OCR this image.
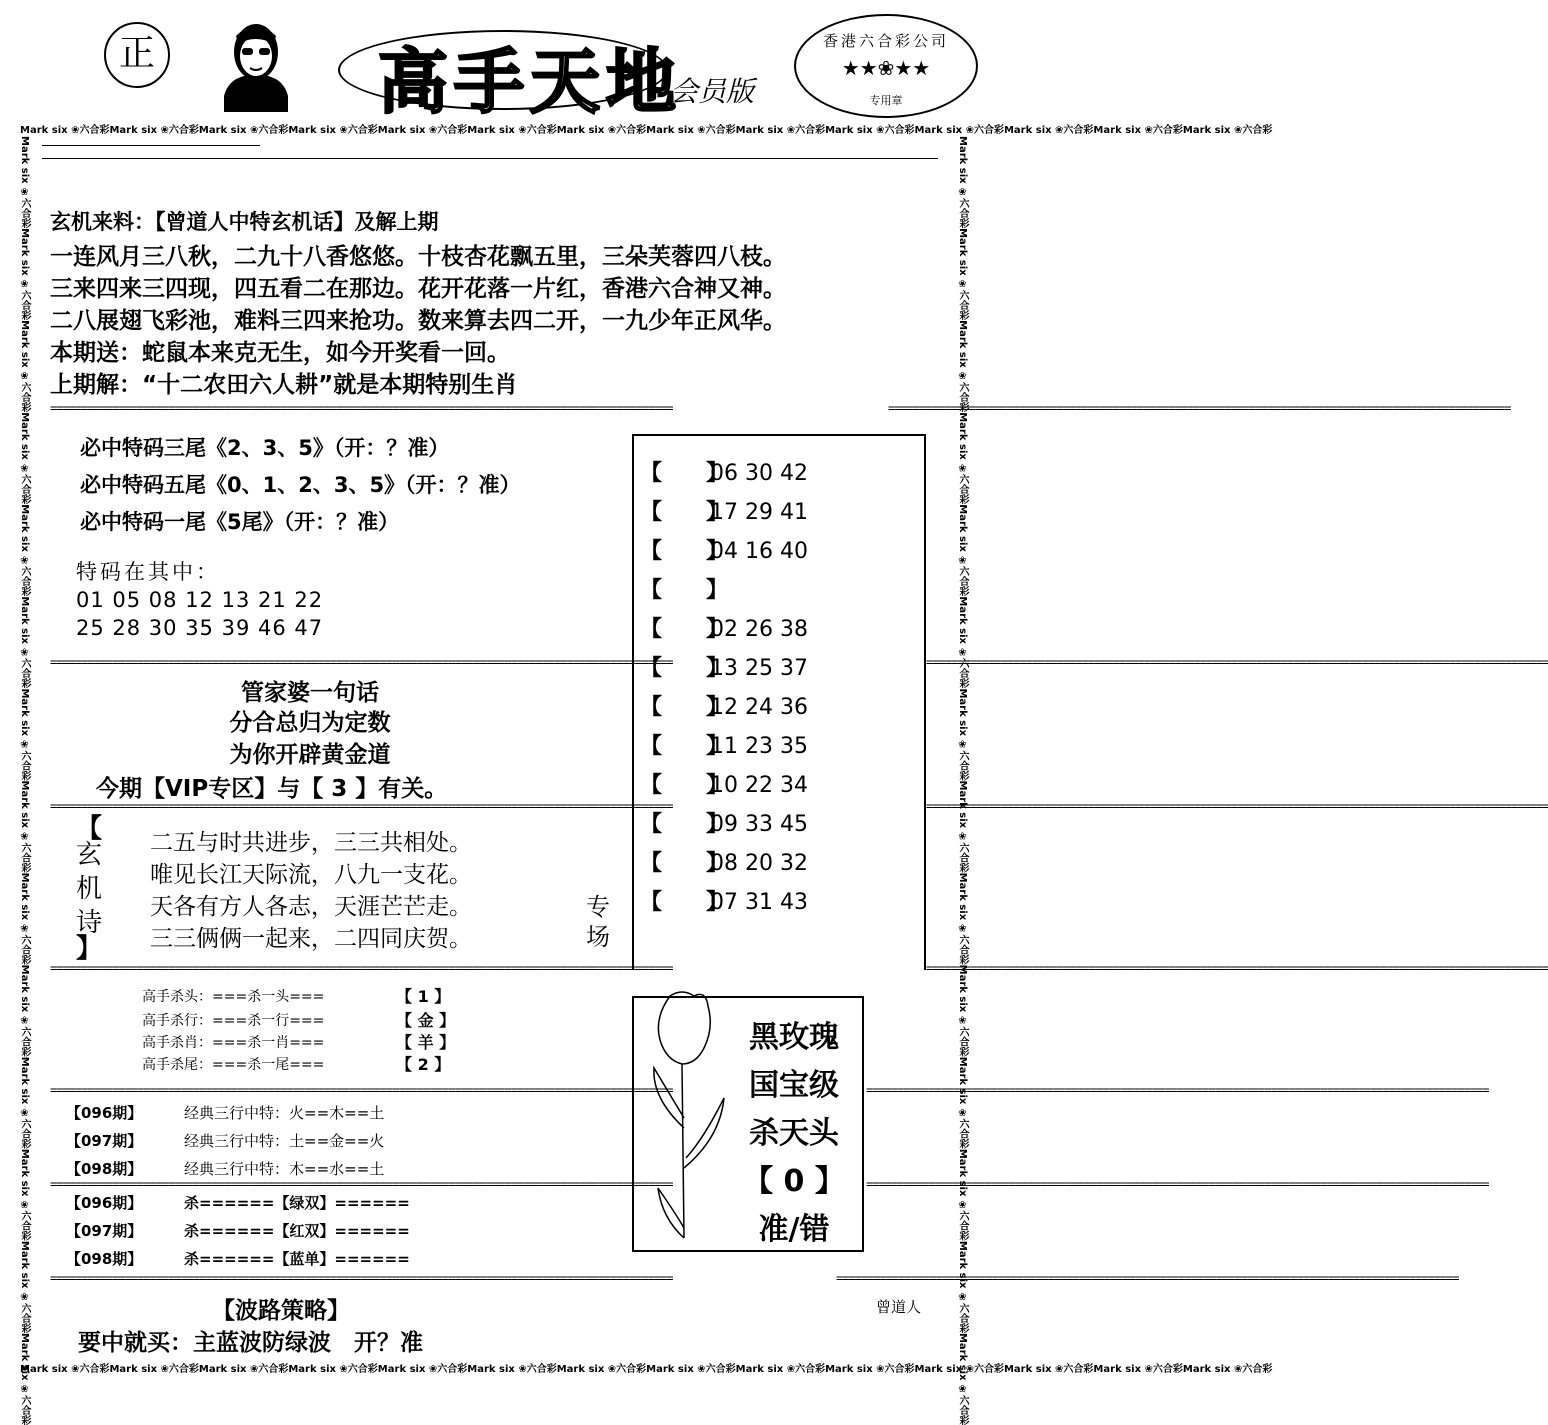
正	高手天地
会员版
香港六合彩公司
★★❀★★
专用章
Mark six ❀六合彩Mark six ❀六合彩Mark six ❀六合彩Mark six ❀六合彩Mark six ❀六合彩Mark six ❀六合彩Mark six ❀六合彩Mark six ❀六合彩Mark six ❀六合彩Mark six ❀六合彩Mark six ❀六合彩Mark six ❀六合彩Mark six ❀六合彩Mark six ❀六合彩
Mark six ❀六合彩Mark six ❀六合彩Mark six ❀六合彩Mark six ❀六合彩Mark six ❀六合彩Mark six ❀六合彩Mark six ❀六合彩Mark six ❀六合彩Mark six ❀六合彩Mark six ❀六合彩Mark six ❀六合彩Mark six ❀六合彩Mark six ❀六合彩Mark six ❀六合彩
Mark six ❀六合彩Mark six ❀六合彩Mark six ❀六合彩Mark six ❀六合彩Mark six ❀六合彩Mark six ❀六合彩Mark six ❀六合彩Mark six ❀六合彩Mark six ❀六合彩Mark six ❀六合彩Mark six ❀六合彩Mark six ❀六合彩Mark six ❀六合彩Mark six ❀六合彩	Mark six ❀六合彩Mark six ❀六合彩Mark six ❀六合彩Mark six ❀六合彩Mark six ❀六合彩Mark six ❀六合彩Mark six ❀六合彩Mark six ❀六合彩Mark six ❀六合彩Mark six ❀六合彩Mark six ❀六合彩Mark six ❀六合彩Mark six ❀六合彩Mark six ❀六合彩
玄机来料：【曾道人中特玄机话】及解上期
一连风月三八秋，二九十八香悠悠。十枝杏花飘五里，三朵芙蓉四八枝。
三来四来三四现，四五看二在那边。花开花落一片红，香港六合神又神。
二八展翅飞彩池，难料三四来抢功。数来算去四二开，一九少年正风华。
本期送：蛇鼠本来克无生，如今开奖看一回。
上期解：“十二农田六人耕”就是本期特别生肖
====================================================================================================	====================================================================================================
必中特码三尾《2、3、5》（开：？准）
必中特码五尾《0、1、2、3、5》（开：？准）
必中特码一尾《5尾》（开：？准）
特码在其中：
01 05 08 12 13 21 22
25 28 30 35 39 46 47
【　　】06 30 42
【　　】17 29 41
【　　】04 16 40
【　　】
【　　】02 26 38
【　　】13 25 37
【　　】12 24 36
【　　】11 23 35
【　　】10 22 34
【　　】09 33 45
【　　】08 20 32
【　　】07 31 43
====================================================================================================	====================================================================================================
管家婆一句话
分合总归为定数
为你开辟黄金道
今期【VIP专区】与【 3 】有关。
====================================================================================================	====================================================================================================
【
玄
机
诗
】
二五与时共进步，三三共相处。
唯见长江天际流，八九一支花。
天各有方人各志，天涯芒芒走。
三三俩俩一起来，二四同庆贺。
专
场
====================================================================================================	====================================================================================================
高手杀头：===杀一头===	【 1 】
高手杀行：===杀一行===	【 金 】
高手杀肖：===杀一肖===	【 羊 】
高手杀尾：===杀一尾===	【 2 】
黑玫瑰
国宝级
杀天头
【 0 】
准/错
====================================================================================================	====================================================================================================
【096期】	经典三行中特：火==木==土
【097期】	经典三行中特：土==金==火
【098期】	经典三行中特：木==水==土
====================================================================================================	====================================================================================================
【096期】	杀======【绿双】======
【097期】	杀======【红双】======
【098期】	杀======【蓝单】======
====================================================================================================	====================================================================================================
【波路策略】
要中就买：主蓝波防绿波　开？准
曾道人
